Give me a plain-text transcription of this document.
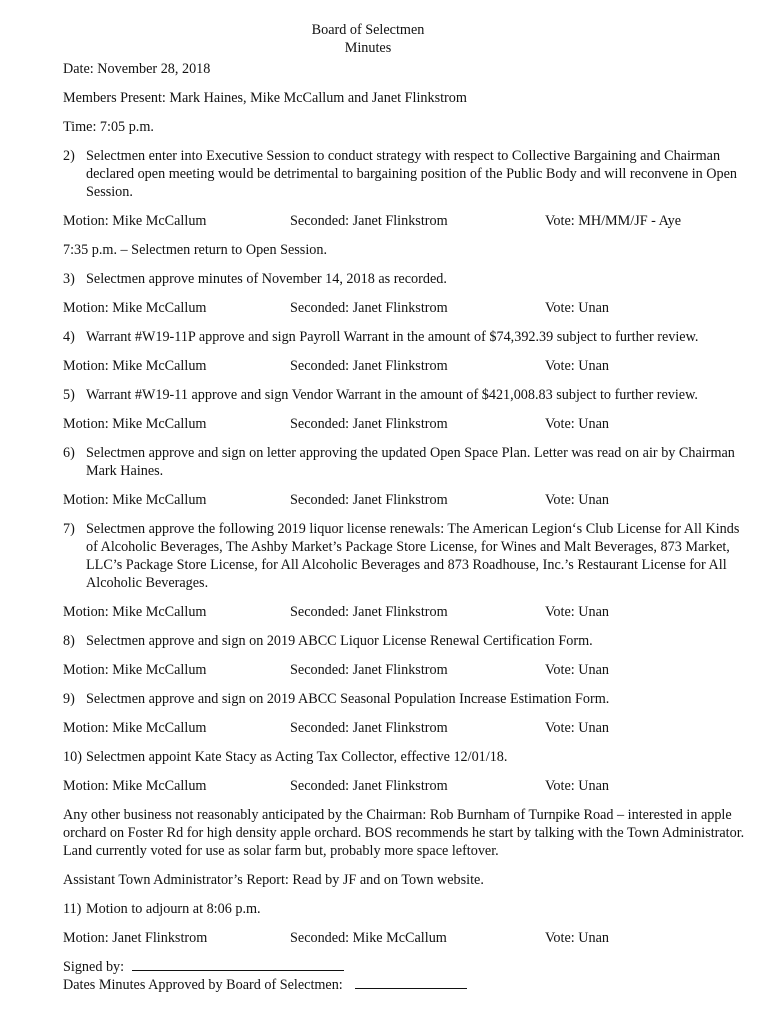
Board of Selectmen
Minutes

Date: November 28, 2018

Members Present: Mark Haines, Mike McCallum and Janet Flinkstrom

Time: 7:05 p.m.

2) Selectmen enter into Executive Session to conduct strategy with respect to Collective Bargaining and Chairman declared open meeting would be detrimental to bargaining position of the Public Body and will reconvene in Open Session.
Motion: Mike McCallum	Seconded: Janet Flinkstrom	Vote: MH/MM/JF - Aye

7:35 p.m. – Selectmen return to Open Session.

3) Selectmen approve minutes of November 14, 2018 as recorded.
Motion: Mike McCallum	Seconded: Janet Flinkstrom	Vote: Unan
4) Warrant #W19-11P approve and sign Payroll Warrant in the amount of $74,392.39 subject to further review.
Motion: Mike McCallum	Seconded: Janet Flinkstrom	Vote: Unan
5) Warrant #W19-11 approve and sign Vendor Warrant in the amount of $421,008.83 subject to further review.
Motion: Mike McCallum	Seconded: Janet Flinkstrom	Vote: Unan
6) Selectmen approve and sign on letter approving the updated Open Space Plan. Letter was read on air by Chairman Mark Haines.
Motion: Mike McCallum	Seconded: Janet Flinkstrom	Vote: Unan
7) Selectmen approve the following 2019 liquor license renewals: The American Legion‘s Club License for All Kinds of Alcoholic Beverages, The Ashby Market’s Package Store License, for Wines and Malt Beverages, 873 Market, LLC’s Package Store License, for All Alcoholic Beverages and 873 Roadhouse, Inc.’s Restaurant License for All Alcoholic Beverages.
Motion: Mike McCallum	Seconded: Janet Flinkstrom	Vote: Unan
8) Selectmen approve and sign on 2019 ABCC Liquor License Renewal Certification Form.
Motion: Mike McCallum	Seconded: Janet Flinkstrom	Vote: Unan
9) Selectmen approve and sign on 2019 ABCC Seasonal Population Increase Estimation Form.
Motion: Mike McCallum	Seconded: Janet Flinkstrom	Vote: Unan
10) Selectmen appoint Kate Stacy as Acting Tax Collector, effective 12/01/18.
Motion: Mike McCallum	Seconded: Janet Flinkstrom	Vote: Unan

Any other business not reasonably anticipated by the Chairman: Rob Burnham of Turnpike Road – interested in apple orchard on Foster Rd for high density apple orchard. BOS recommends he start by talking with the Town Administrator. Land currently voted for use as solar farm but, probably more space leftover.

Assistant Town Administrator’s Report: Read by JF and on Town website.

11) Motion to adjourn at 8:06 p.m.
Motion: Janet Flinkstrom	Seconded: Mike McCallum	Vote: Unan

Signed by:

Dates Minutes Approved by Board of Selectmen:
